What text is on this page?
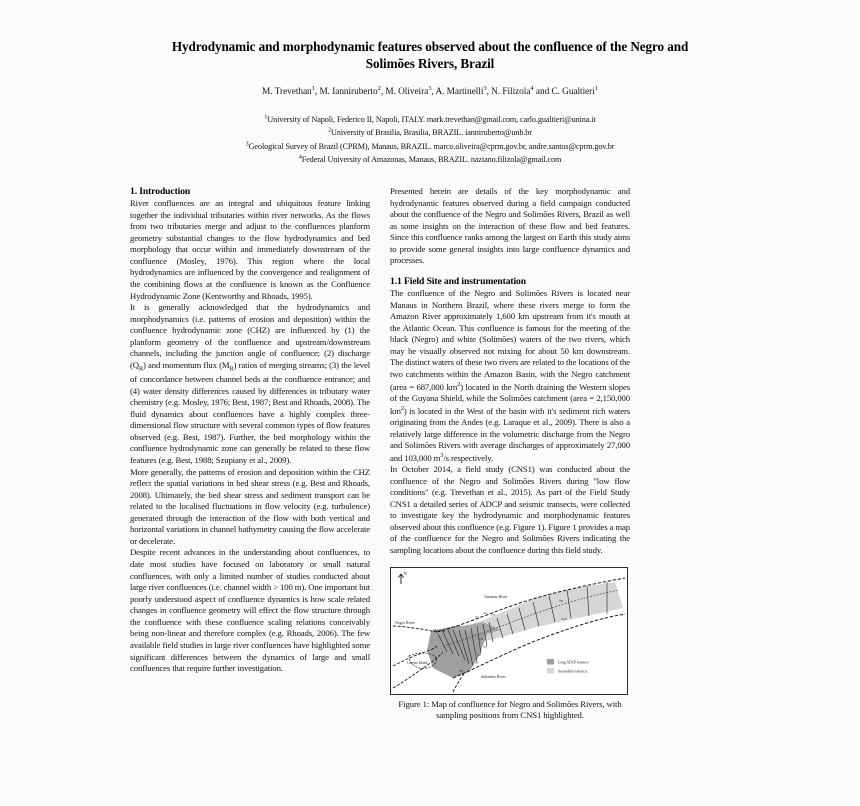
Hydrodynamic and morphodynamic features observed about the confluence of the Negro and Solimões Rivers, Brazil
M. Trevethan$^1$, M. Ianniruberto$^2$, M. Oliveira$^3$, A. Martinelli$^3$, N. Filizola$^4$ and C. Gualtieri$^1$
$^1$University of Napoli, Federico II, Napoli, ITALY. mark.trevethan@gmail.com, carlo.gualtieri@unina.it
$^2$University of Brasilia, Brasilia, BRAZIL. ianniruberto@unb.br
$^3$Geological Survey of Brazil (CPRM), Manaus, BRAZIL. marco.oliveira@cprm.gov.br, andre.santos@cprm.gov.br
$^4$Federal University of Amazonas, Manaus, BRAZIL. naziano.filizola@gmail.com
1. Introduction

River confluences are an integral and ubiquitous feature linking together the individual tributaries within river networks. As the flows from two tributaries merge and adjust to the confluences planform geometry substantial changes to the flow hydrodynamics and bed morphology that occur within and immediately downstream of the confluence (Mosley, 1976). This region where the local hydrodynamics are influenced by the convergence and realignment of the combining flows at the confluence is known as the Confluence Hydrodynamic Zone (Kentworthy and Rhoads, 1995).

It is generally acknowledged that the hydrodynamics and morphodynamics (i.e. patterns of erosion and deposition) within the confluence hydrodynamic zone (CHZ) are influenced by (1) the planform geometry of the confluence and upstream/downstream channels, including the junction angle of confluence; (2) discharge $(Q_R)$ and momentum flux $(M_R)$ ratios of merging streams; (3) the level of concordance between channel beds at the confluence entrance; and (4) water density differences caused by differences in tributary water chemistry (e.g. Mosley, 1976; Best, 1987; Best and Rhoads, 2008). The fluid dynamics about confluences have a highly complex three-dimensional flow structure with several common types of flow features observed (e.g. Best, 1987). Further, the bed morphology within the confluence hydrodynamic zone can generally be related to these flow features (e.g. Best, 1988; Szupiany et al., 2009).

More generally, the patterns of erosion and deposition within the CHZ reflect the spatial variations in bed shear stress (e.g. Best and Rhoads, 2008). Ultimately, the bed shear stress and sediment transport can be related to the localised fluctuations in flow velocity (e.g. turbulence) generated through the interaction of the flow with both vertical and horizontal variations in channel bathymetry causing the flow accelerate or decelerate.

Despite recent advances in the understanding about confluences, to date most studies have focused on laboratory or small natural confluences, with only a limited number of studies conducted about large river confluences (i.e. channel width > 100 m). One important but poorly understood aspect of confluence dynamics is how scale related changes in confluence geometry will effect the flow structure through the confluence with these confluence scaling relations conceivably being non-linear and therefore complex (e.g. Rhoads, 2006). The few available field studies in large river confluences have highlighted some significant differences between the dynamics of large and small confluences that require further investigation.

Presented herein are details of the key morphodynamic and hydrodynamic features observed during a field campaign conducted about the confluence of the Negro and Solimões Rivers, Brazil as well as some insights on the interaction of these flow and bed features. Since this confluence ranks among the largest on Earth this study aims to provide some general insights into large confluence dynamics and processes.

1.1 Field Site and instrumentation

The confluence of the Negro and Solimões Rivers is located near Manaus in Northern Brazil, where these rivers merge to form the Amazon River approximately 1,600 km upstream from it's mouth at the Atlantic Ocean. This confluence is famous for the meeting of the black (Negro) and white (Solimões) waters of the two rivers, which may be visually observed not mixing for about 50 km downstream. The distinct waters of these two rivers are related to the locations of the two catchments within the Amazon Basin, with the Negro catchment (area = 687,000 $km^2$) located in the North draining the Western slopes of the Guyana Shield, while the Solimões catchment (area = 2,150,000 $km^2$) is located in the West of the basin with it's sediment rich waters originating from the Andes (e.g. Laraque et al., 2009). There is also a relatively large difference in the volumetric discharge from the Negro and Solimões Rivers with average discharges of approximately 27,000 and 103,000 $m^3/s$ respectively.

In October 2014, a field study (CNS1) was conducted about the confluence of the Negro and Solimões Rivers during "low flow conditions" (e.g. Trevethan et al., 2015). As part of the Field Study CNS1 a detailed series of ADCP and seismic transects, were collected to investigate key the hydrodynamic and morphodynamic features observed about this confluence (e.g. Figure 1). Figure 1 provides a map of the confluence for the Negro and Solimões Rivers indicating the sampling locations about the confluence during this field study.

N
Negro River
Solimões River
Amazon River
Manaus
Careiro Island
T1
T2 T3
T4
T5
T6
T7
T8
T9
T10
Long ADCP transect
Secondary transects
Figure 1: Map of confluence for Negro and Solimões Rivers, with sampling positions from CNS1 highlighted.
